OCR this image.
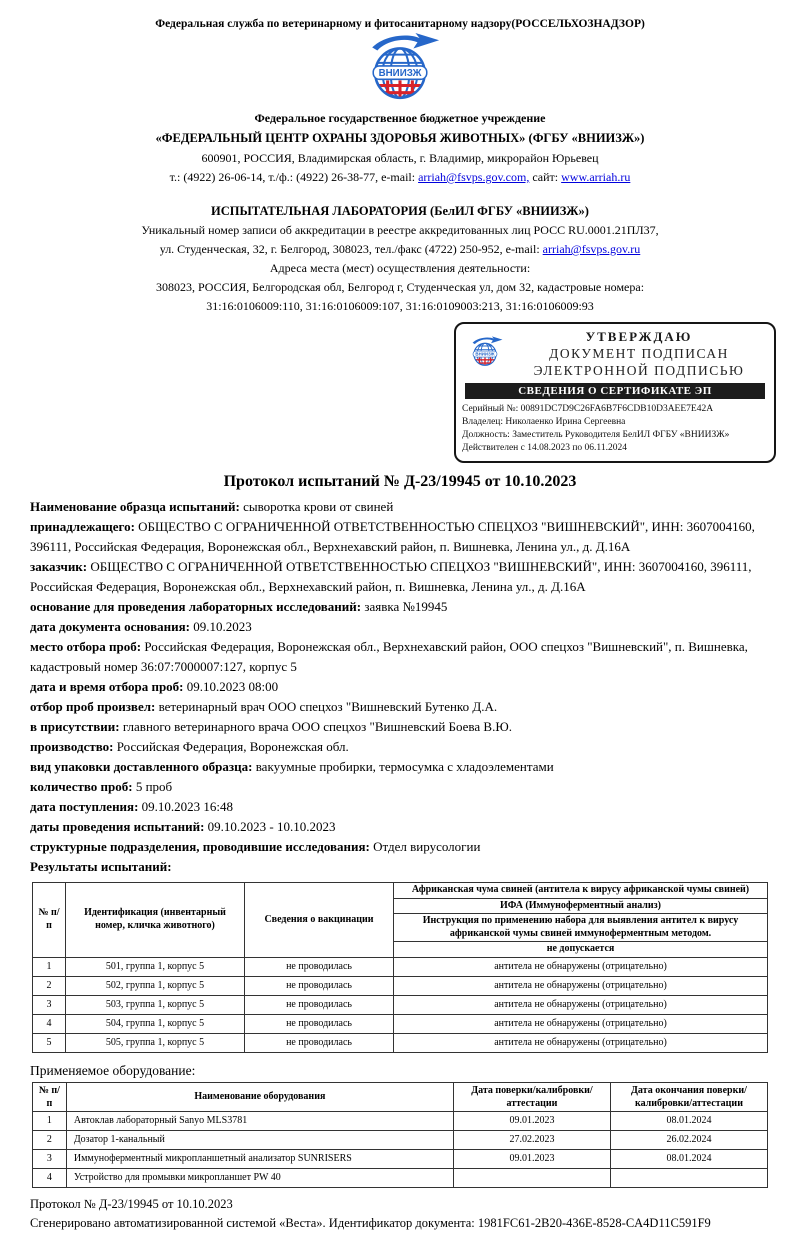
Федеральная служба по ветеринарному и фитосанитарному надзору(РОССЕЛЬХОЗНАДЗОР)
ВНИИЗЖ
Федеральное государственное бюджетное учреждение
«ФЕДЕРАЛЬНЫЙ ЦЕНТР ОХРАНЫ ЗДОРОВЬЯ ЖИВОТНЫХ» (ФГБУ «ВНИИЗЖ»)
600901, РОССИЯ, Владимирская область, г. Владимир, микрорайон Юрьевец
т.: (4922) 26-06-14, т./ф.: (4922) 26-38-77, e-mail: arriah@fsvps.gov.com, сайт: www.arriah.ru
ИСПЫТАТЕЛЬНАЯ ЛАБОРАТОРИЯ (БелИЛ ФГБУ «ВНИИЗЖ»)
Уникальный номер записи об аккредитации в реестре аккредитованных лиц РОСС RU.0001.21ПЛ37,
ул. Студенческая, 32, г. Белгород, 308023, тел./факс (4722) 250-952, e-mail: arriah@fsvps.gov.ru
Адреса места (мест) осуществления деятельности:
308023, РОССИЯ, Белгородская обл, Белгород г, Студенческая ул, дом 32, кадастровые номера:
31:16:0106009:110, 31:16:0106009:107, 31:16:0109003:213, 31:16:0106009:93
ВНИИЗЖ
УТВЕРЖДАЮ
ДОКУМЕНТ ПОДПИСАН
ЭЛЕКТРОННОЙ ПОДПИСЬЮ
СВЕДЕНИЯ О СЕРТИФИКАТЕ ЭП
Серийный №: 00891DC7D9C26FA6B7F6CDB10D3AEE7E42A
Владелец: Николаенко Ирина Сергеевна
Должность: Заместитель Руководителя БелИЛ ФГБУ «ВНИИЗЖ»
Действителен с 14.08.2023 по 06.11.2024
Протокол испытаний № Д-23/19945 от 10.10.2023
Наименование образца испытаний: сыворотка крови от свиней
принадлежащего: ОБЩЕСТВО С ОГРАНИЧЕННОЙ ОТВЕТСТВЕННОСТЬЮ СПЕЦХОЗ "ВИШНЕВСКИЙ", ИНН: 3607004160, 396111, Российская Федерация, Воронежская обл., Верхнехавский район, п. Вишневка, Ленина ул., д. Д.16А
заказчик: ОБЩЕСТВО С ОГРАНИЧЕННОЙ ОТВЕТСТВЕННОСТЬЮ СПЕЦХОЗ "ВИШНЕВСКИЙ", ИНН: 3607004160, 396111, Российская Федерация, Воронежская обл., Верхнехавский район, п. Вишневка, Ленина ул., д. Д.16А
основание для проведения лабораторных исследований: заявка №19945
дата документа основания: 09.10.2023
место отбора проб: Российская Федерация, Воронежская обл., Верхнехавский район, ООО спецхоз "Вишневский", п. Вишневка, кадастровый номер 36:07:7000007:127, корпус 5
дата и время отбора проб: 09.10.2023 08:00
отбор проб произвел: ветеринарный врач ООО спецхоз "Вишневский Бутенко Д.А.
в присутствии: главного ветеринарного врача ООО спецхоз "Вишневский Боева В.Ю.
производство: Российская Федерация, Воронежская обл.
вид упаковки доставленного образца: вакуумные пробирки, термосумка с хладоэлементами
количество проб: 5 проб
дата поступления: 09.10.2023 16:48
даты проведения испытаний: 09.10.2023 - 10.10.2023
структурные подразделения, проводившие исследования: Отдел вирусологии
Результаты испытаний:
№ п/п	Идентификация (инвентарный номер, кличка животного)	Сведения о вакцинации	Африканская чума свиней (антитела к вирусу африканской чумы свиней)
			ИФА (Иммуноферментный анализ)
			Инструкция по применению набора для выявления антител к вирусу африканской чумы свиней иммуноферментным методом.
			не допускается
1	501, группа 1, корпус 5	не проводилась	антитела не обнаружены (отрицательно)
2	502, группа 1, корпус 5	не проводилась	антитела не обнаружены (отрицательно)
3	503, группа 1, корпус 5	не проводилась	антитела не обнаружены (отрицательно)
4	504, группа 1, корпус 5	не проводилась	антитела не обнаружены (отрицательно)
5	505, группа 1, корпус 5	не проводилась	антитела не обнаружены (отрицательно)
Применяемое оборудование:
№ п/п	Наименование оборудования	Дата поверки/калибровки/аттестации	Дата окончания поверки/калибровки/аттестации
1	Автоклав лабораторный Sanyo MLS3781	09.01.2023	08.01.2024
2	Дозатор 1-канальный	27.02.2023	26.02.2024
3	Иммуноферментный микропланшетный анализатор SUNRISERS	09.01.2023	08.01.2024
4	Устройство для промывки микропланшет PW 40		
Протокол № Д-23/19945 от 10.10.2023
Сгенерировано автоматизированной системой «Веста». Идентификатор документа: 1981FC61-2B20-436E-8528-CA4D11C591F9
